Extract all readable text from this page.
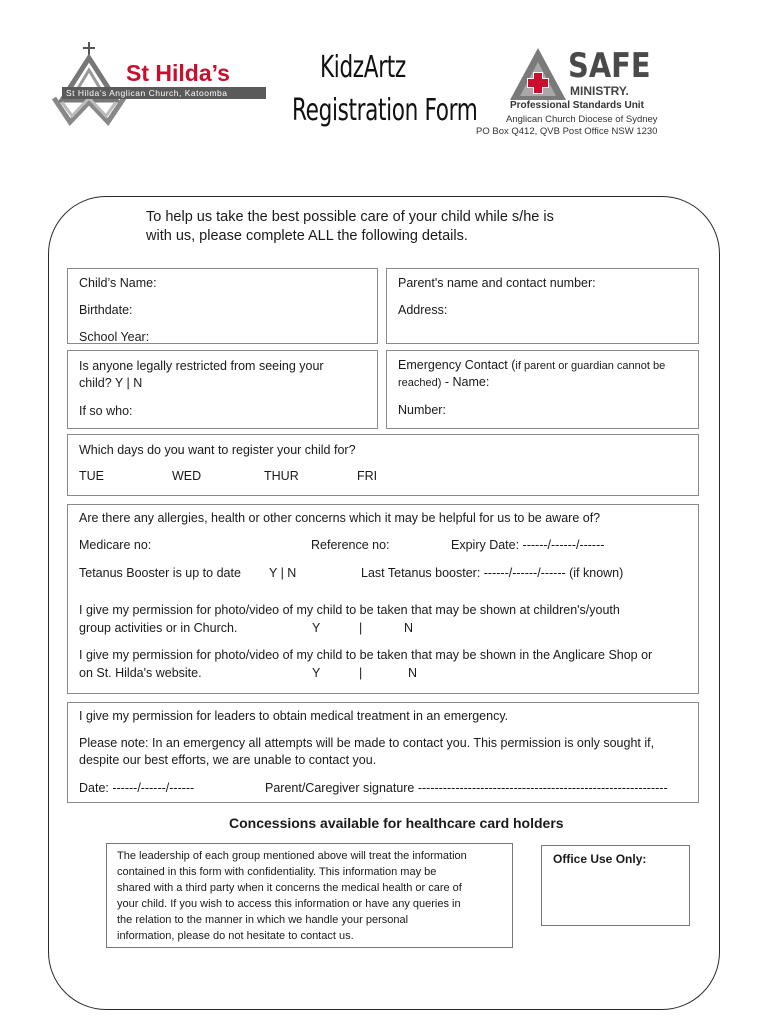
St Hilda’s
St Hilda’s Anglican Church, Katoomba
KidzArtz
Registration Form
SAFE
MINISTRY.
Professional Standards Unit
Anglican Church Diocese of Sydney
PO Box Q412, QVB Post Office NSW 1230
To help us take the best possible care of your child while s/he is
with us, please complete ALL the following details.
Child’s Name:
Birthdate:
School Year:
Parent's name and contact number:
Address:
Is anyone legally restricted from seeing your
child? Y | N
If so who:
Emergency Contact (if parent or guardian cannot be
reached) - Name:
Number:
Which days do you want to register your child for?
TUE	WED	THUR	FRI
Are there any allergies, health or other concerns which it may be helpful for us to be aware of?
Medicare no:	Reference no:	Expiry Date: ------/------/------
Tetanus Booster is up to date Y | N	Last Tetanus booster: ------/------/------ (if known)
I give my permission for photo/video of my child to be taken that may be shown at children's/youth
group activities or in Church.	Y	|	N
I give my permission for photo/video of my child to be taken that may be shown in the Anglicare Shop or
on St. Hilda's website.	Y	|	N
I give my permission for leaders to obtain medical treatment in an emergency.
Please note: In an emergency all attempts will be made to contact you. This permission is only sought if,
despite our best efforts, we are unable to contact you.
Date: ------/------/------	Parent/Caregiver signature ------------------------------------------------------------
Concessions available for healthcare card holders
The leadership of each group mentioned above will treat the information
contained in this form with confidentiality. This information may be
shared with a third party when it concerns the medical health or care of
your child. If you wish to access this information or have any queries in
the relation to the manner in which we handle your personal
information, please do not hesitate to contact us.
Office Use Only:
